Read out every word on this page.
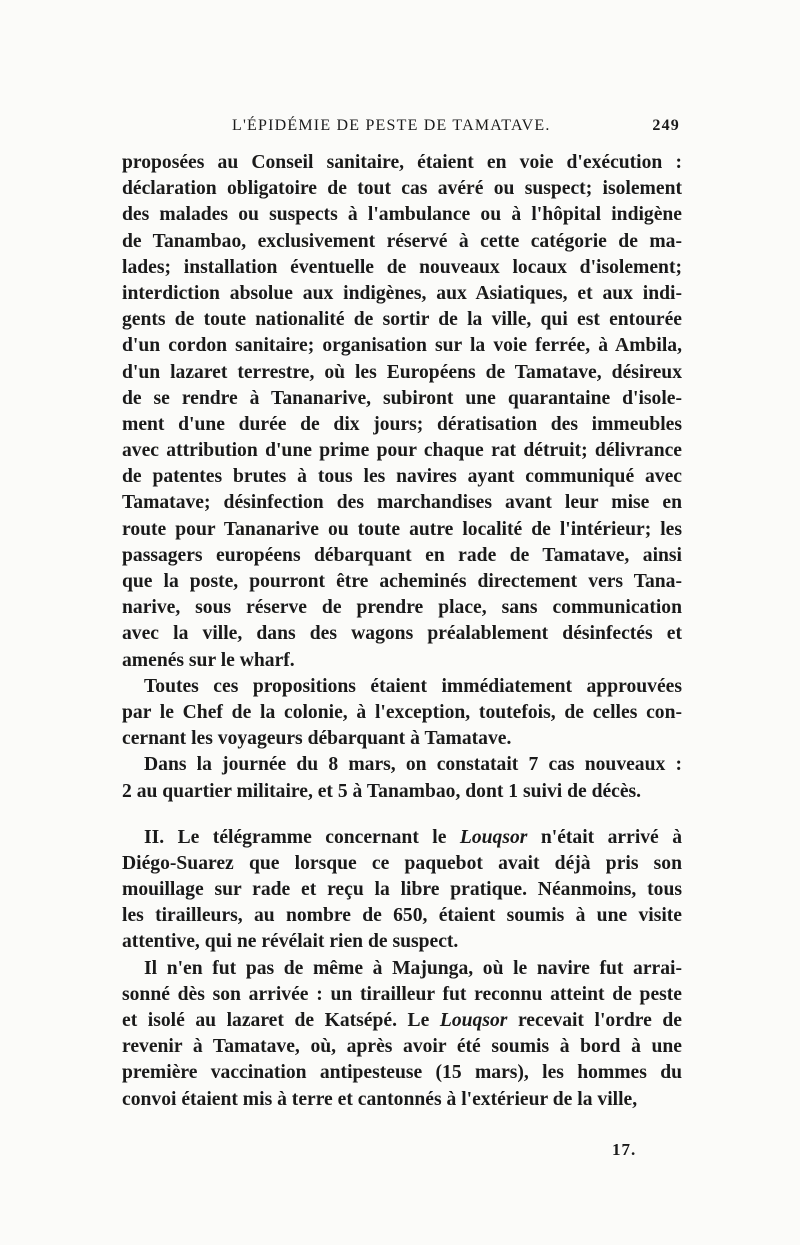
L'ÉPIDÉMIE DE PESTE DE TAMATAVE.	249
proposées au Conseil sanitaire, étaient en voie d'exécution :
déclaration obligatoire de tout cas avéré ou suspect; isolement
des malades ou suspects à l'ambulance ou à l'hôpital indigène
de Tanambao, exclusivement réservé à cette catégorie de ma-
lades; installation éventuelle de nouveaux locaux d'isolement;
interdiction absolue aux indigènes, aux Asiatiques, et aux indi-
gents de toute nationalité de sortir de la ville, qui est entourée
d'un cordon sanitaire; organisation sur la voie ferrée, à Ambila,
d'un lazaret terrestre, où les Européens de Tamatave, désireux
de se rendre à Tananarive, subiront une quarantaine d'isole-
ment d'une durée de dix jours; dératisation des immeubles
avec attribution d'une prime pour chaque rat détruit; délivrance
de patentes brutes à tous les navires ayant communiqué avec
Tamatave; désinfection des marchandises avant leur mise en
route pour Tananarive ou toute autre localité de l'intérieur; les
passagers européens débarquant en rade de Tamatave, ainsi
que la poste, pourront être acheminés directement vers Tana-
narive, sous réserve de prendre place, sans communication
avec la ville, dans des wagons préalablement désinfectés et
amenés sur le wharf.
Toutes ces propositions étaient immédiatement approuvées
par le Chef de la colonie, à l'exception, toutefois, de celles con-
cernant les voyageurs débarquant à Tamatave.
Dans la journée du 8 mars, on constatait 7 cas nouveaux :
2 au quartier militaire, et 5 à Tanambao, dont 1 suivi de décès.
II. Le télégramme concernant le Louqsor n'était arrivé à
Diégo-Suarez que lorsque ce paquebot avait déjà pris son
mouillage sur rade et reçu la libre pratique. Néanmoins, tous
les tirailleurs, au nombre de 650, étaient soumis à une visite
attentive, qui ne révélait rien de suspect.
Il n'en fut pas de même à Majunga, où le navire fut arrai-
sonné dès son arrivée : un tirailleur fut reconnu atteint de peste
et isolé au lazaret de Katsépé. Le Louqsor recevait l'ordre de
revenir à Tamatave, où, après avoir été soumis à bord à une
première vaccination antipesteuse (15 mars), les hommes du
convoi étaient mis à terre et cantonnés à l'extérieur de la ville,
17.
